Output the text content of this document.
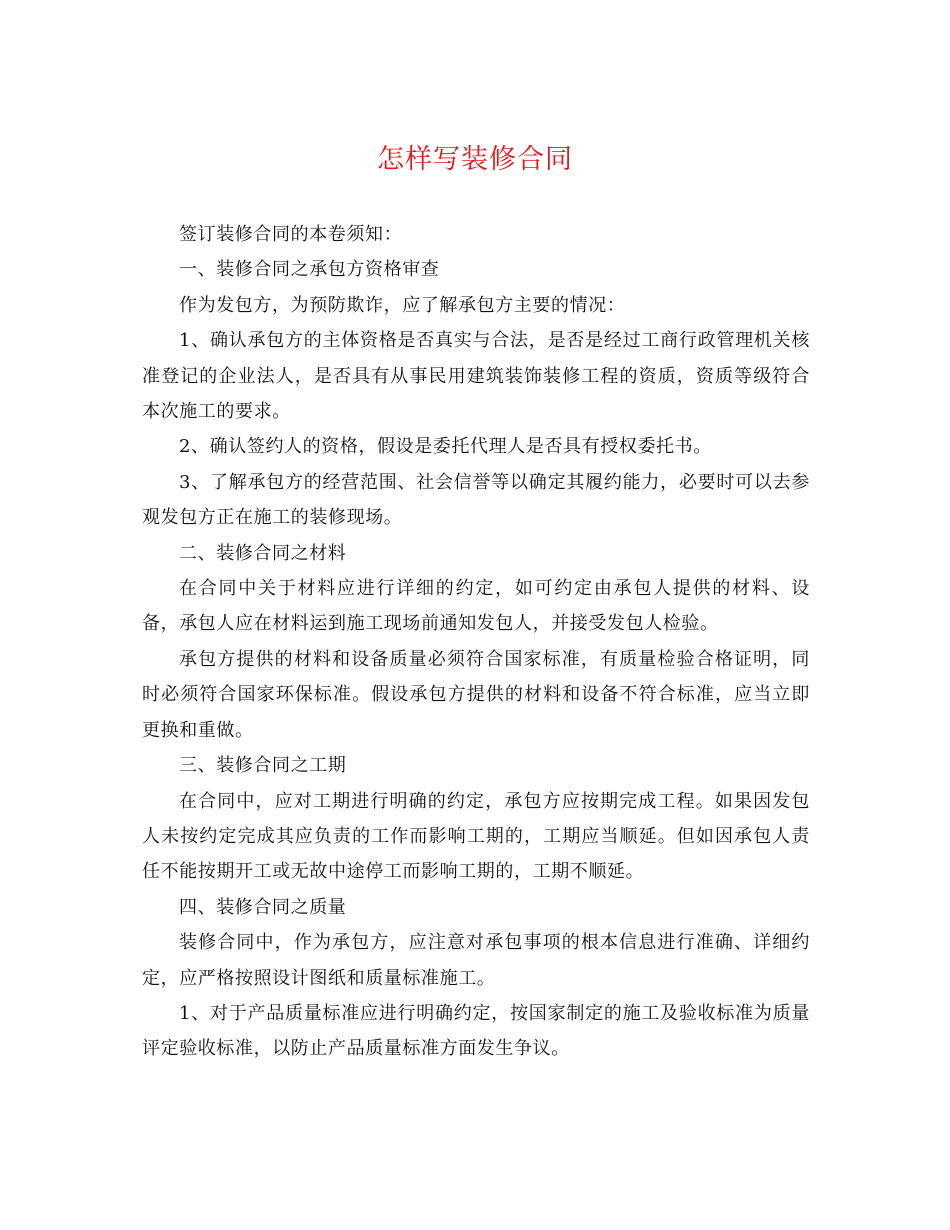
怎样写装修合同

签订装修合同的本卷须知：

一、装修合同之承包方资格审查

作为发包方，为预防欺诈，应了解承包方主要的情况：

1、确认承包方的主体资格是否真实与合法，是否是经过工商行政管理机关核准登记的企业法人，是否具有从事民用建筑装饰装修工程的资质，资质等级符合本次施工的要求。

2、确认签约人的资格，假设是委托代理人是否具有授权委托书。

3、了解承包方的经营范围、社会信誉等以确定其履约能力，必要时可以去参观发包方正在施工的装修现场。

二、装修合同之材料

在合同中关于材料应进行详细的约定，如可约定由承包人提供的材料、设备，承包人应在材料运到施工现场前通知发包人，并接受发包人检验。

承包方提供的材料和设备质量必须符合国家标准，有质量检验合格证明，同时必须符合国家环保标准。假设承包方提供的材料和设备不符合标准，应当立即更换和重做。

三、装修合同之工期

在合同中，应对工期进行明确的约定，承包方应按期完成工程。如果因发包人未按约定完成其应负责的工作而影响工期的，工期应当顺延。但如因承包人责任不能按期开工或无故中途停工而影响工期的，工期不顺延。

四、装修合同之质量

装修合同中，作为承包方，应注意对承包事项的根本信息进行准确、详细约定，应严格按照设计图纸和质量标准施工。

1、对于产品质量标准应进行明确约定，按国家制定的施工及验收标准为质量评定验收标准，以防止产品质量标准方面发生争议。
